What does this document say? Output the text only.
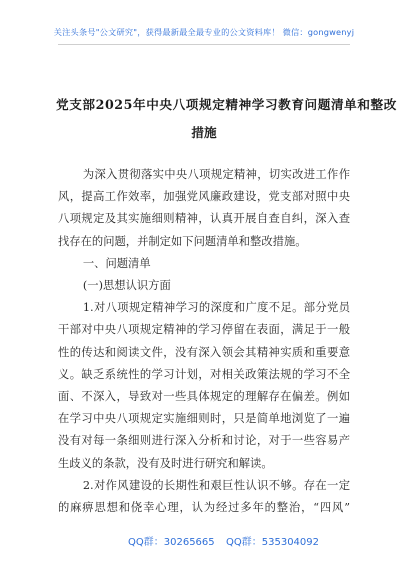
关注头条号"公文研究"，获得最新最全最专业的公文资料库！ 微信：gongwenyj
党支部2025年中央八项规定精神学习教育问题清单和整改
措施
为深入贯彻落实中央八项规定精神，切实改进工作作
风，提高工作效率，加强党风廉政建设，党支部对照中央
八项规定及其实施细则精神，认真开展自查自纠，深入查
找存在的问题，并制定如下问题清单和整改措施。
一、问题清单
(一)思想认识方面
1.对八项规定精神学习的深度和广度不足。部分党员
干部对中央八项规定精神的学习停留在表面，满足于一般
性的传达和阅读文件，没有深入领会其精神实质和重要意
义。缺乏系统性的学习计划，对相关政策法规的学习不全
面、不深入，导致对一些具体规定的理解存在偏差。例如
在学习中央八项规定实施细则时，只是简单地浏览了一遍
没有对每一条细则进行深入分析和讨论，对于一些容易产
生歧义的条款，没有及时进行研究和解读。
2.对作风建设的长期性和艰巨性认识不够。存在一定
的麻痹思想和侥幸心理，认为经过多年的整治，“四风”
QQ群：30265665 QQ群：535304092
